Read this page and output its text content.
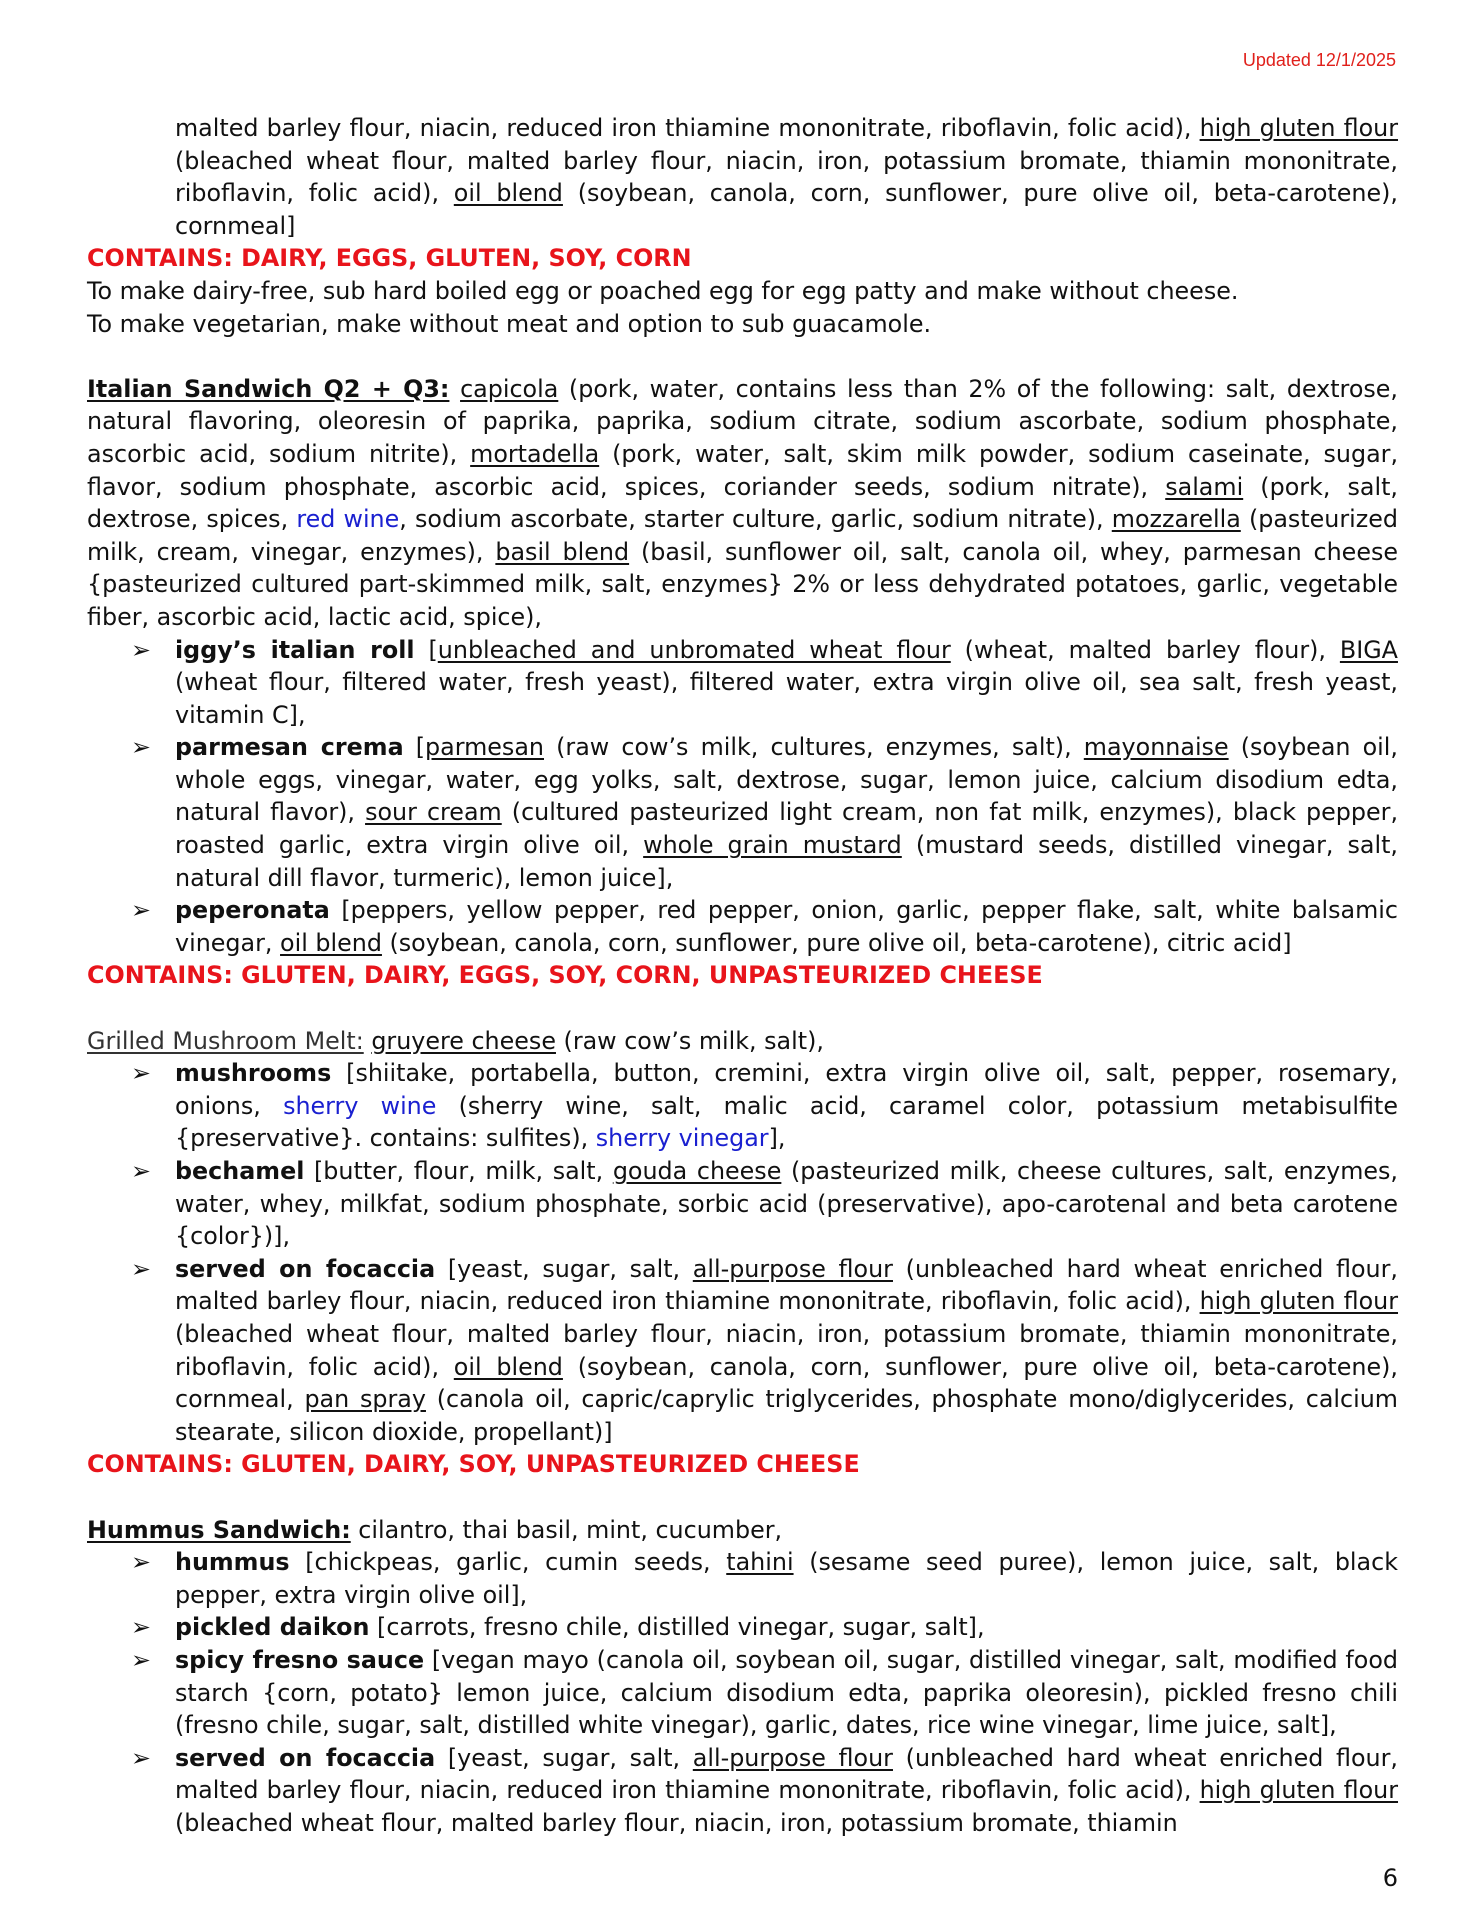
Updated 12/1/2025

malted barley flour, niacin, reduced iron thiamine mononitrate, riboflavin, folic acid), high gluten flour (bleached wheat flour, malted barley flour, niacin, iron, potassium bromate, thiamin mononitrate, riboflavin, folic acid), oil blend (soybean, canola, corn, sunflower, pure olive oil, beta-carotene), cornmeal]

CONTAINS: DAIRY, EGGS, GLUTEN, SOY, CORN

To make dairy-free, sub hard boiled egg or poached egg for egg patty and make without cheese.

To make vegetarian, make without meat and option to sub guacamole.

Italian Sandwich Q2 + Q3: capicola (pork, water, contains less than 2% of the following: salt, dextrose, natural flavoring, oleoresin of paprika, paprika, sodium citrate, sodium ascorbate, sodium phosphate, ascorbic acid, sodium nitrite), mortadella (pork, water, salt, skim milk powder, sodium caseinate, sugar, flavor, sodium phosphate, ascorbic acid, spices, coriander seeds, sodium nitrate), salami (pork, salt, dextrose, spices, red wine, sodium ascorbate, starter culture, garlic, sodium nitrate), mozzarella (pasteurized milk, cream, vinegar, enzymes), basil blend (basil, sunflower oil, salt, canola oil, whey, parmesan cheese {pasteurized cultured part-skimmed milk, salt, enzymes} 2% or less dehydrated potatoes, garlic, vegetable fiber, ascorbic acid, lactic acid, spice),

➢ iggy’s italian roll [unbleached and unbromated wheat flour (wheat, malted barley flour), BIGA (wheat flour, filtered water, fresh yeast), filtered water, extra virgin olive oil, sea salt, fresh yeast, vitamin C],
➢ parmesan crema [parmesan (raw cow’s milk, cultures, enzymes, salt), mayonnaise (soybean oil, whole eggs, vinegar, water, egg yolks, salt, dextrose, sugar, lemon juice, calcium disodium edta, natural flavor), sour cream (cultured pasteurized light cream, non fat milk, enzymes), black pepper, roasted garlic, extra virgin olive oil, whole grain mustard (mustard seeds, distilled vinegar, salt, natural dill flavor, turmeric), lemon juice],
➢ peperonata [peppers, yellow pepper, red pepper, onion, garlic, pepper flake, salt, white balsamic vinegar, oil blend (soybean, canola, corn, sunflower, pure olive oil, beta-carotene), citric acid]

CONTAINS: GLUTEN, DAIRY, EGGS, SOY, CORN, UNPASTEURIZED CHEESE

Grilled Mushroom Melt: gruyere cheese (raw cow’s milk, salt),

➢ mushrooms [shiitake, portabella, button, cremini, extra virgin olive oil, salt, pepper, rosemary, onions, sherry wine (sherry wine, salt, malic acid, caramel color, potassium metabisulfite {preservative}. contains: sulfites), sherry vinegar],
➢ bechamel [butter, flour, milk, salt, gouda cheese (pasteurized milk, cheese cultures, salt, enzymes, water, whey, milkfat, sodium phosphate, sorbic acid (preservative), apo-carotenal and beta carotene {color})],
➢ served on focaccia [yeast, sugar, salt, all-purpose flour (unbleached hard wheat enriched flour, malted barley flour, niacin, reduced iron thiamine mononitrate, riboflavin, folic acid), high gluten flour (bleached wheat flour, malted barley flour, niacin, iron, potassium bromate, thiamin mononitrate, riboflavin, folic acid), oil blend (soybean, canola, corn, sunflower, pure olive oil, beta-carotene), cornmeal, pan spray (canola oil, capric/caprylic triglycerides, phosphate mono/diglycerides, calcium stearate, silicon dioxide, propellant)]

CONTAINS: GLUTEN, DAIRY, SOY, UNPASTEURIZED CHEESE

Hummus Sandwich: cilantro, thai basil, mint, cucumber,

➢ hummus [chickpeas, garlic, cumin seeds, tahini (sesame seed puree), lemon juice, salt, black pepper, extra virgin olive oil],
➢ pickled daikon [carrots, fresno chile, distilled vinegar, sugar, salt],
➢ spicy fresno sauce [vegan mayo (canola oil, soybean oil, sugar, distilled vinegar, salt, modified food starch {corn, potato} lemon juice, calcium disodium edta, paprika oleoresin), pickled fresno chili (fresno chile, sugar, salt, distilled white vinegar), garlic, dates, rice wine vinegar, lime juice, salt],
➢ served on focaccia [yeast, sugar, salt, all-purpose flour (unbleached hard wheat enriched flour, malted barley flour, niacin, reduced iron thiamine mononitrate, riboflavin, folic acid), high gluten flour (bleached wheat flour, malted barley flour, niacin, iron, potassium bromate, thiamin
6
